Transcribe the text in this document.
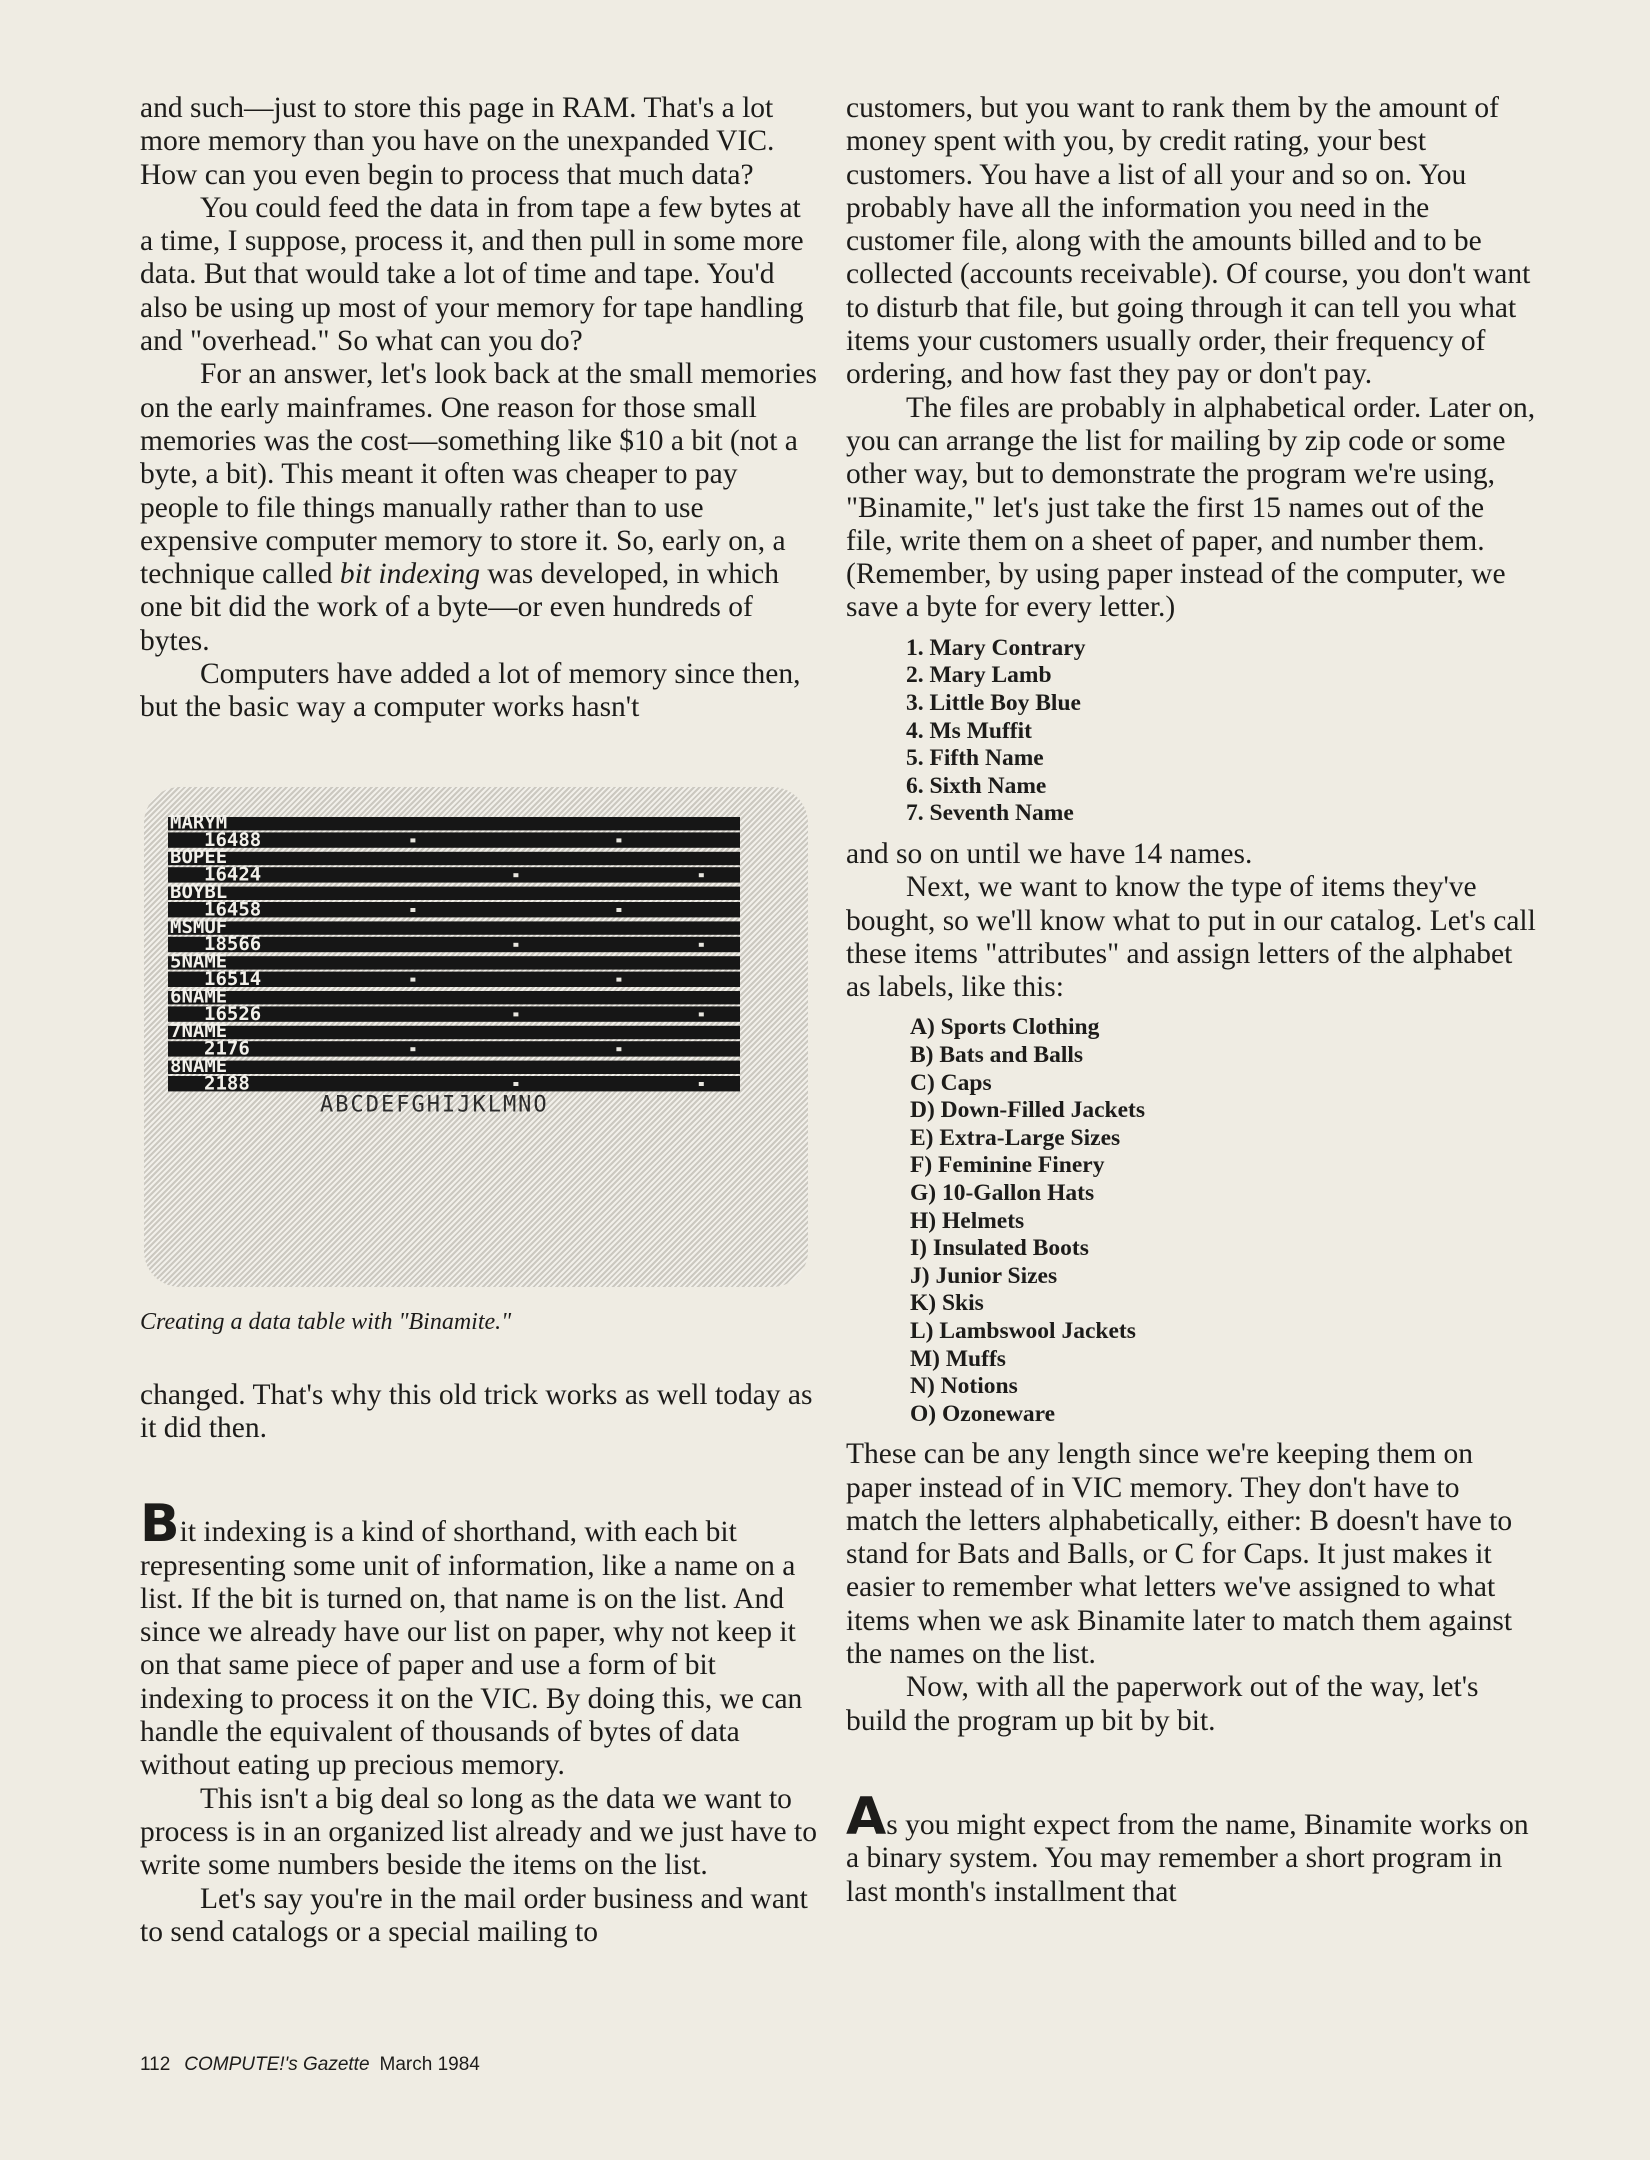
and such—just to store this page in RAM. That's a lot more memory than you have on the unexpanded VIC. How can you even begin to process that much data?

You could feed the data in from tape a few bytes at a time, I suppose, process it, and then pull in some more data. But that would take a lot of time and tape. You'd also be using up most of your memory for tape handling and "overhead." So what can you do?

For an answer, let's look back at the small memories on the early mainframes. One reason for those small memories was the cost—something like $10 a bit (not a byte, a bit). This meant it often was cheaper to pay people to file things manually rather than to use expensive computer memory to store it. So, early on, a technique called bit indexing was developed, in which one bit did the work of a byte—or even hundreds of bytes.

Computers have added a lot of memory since then, but the basic way a computer works hasn't

MARYM
16488
BOPEE
16424
BOYBL
16458
MSMUF
18566
5NAME
16514
6NAME
16526
7NAME
2176
8NAME
2188
ABCDEFGHIJKLMNO

Creating a data table with "Binamite."

changed. That's why this old trick works as well today as it did then.

Bit indexing is a kind of shorthand, with each bit representing some unit of information, like a name on a list. If the bit is turned on, that name is on the list. And since we already have our list on paper, why not keep it on that same piece of paper and use a form of bit indexing to process it on the VIC. By doing this, we can handle the equivalent of thousands of bytes of data without eating up precious memory.

This isn't a big deal so long as the data we want to process is in an organized list already and we just have to write some numbers beside the items on the list.

Let's say you're in the mail order business and want to send catalogs or a special mailing to

customers, but you want to rank them by the amount of money spent with you, by credit rating, your best customers. You have a list of all your and so on. You probably have all the information you need in the customer file, along with the amounts billed and to be collected (accounts receivable). Of course, you don't want to disturb that file, but going through it can tell you what items your customers usually order, their frequency of ordering, and how fast they pay or don't pay.

The files are probably in alphabetical order. Later on, you can arrange the list for mailing by zip code or some other way, but to demonstrate the program we're using, "Binamite," let's just take the first 15 names out of the file, write them on a sheet of paper, and number them. (Remember, by using paper instead of the computer, we save a byte for every letter.)

1. Mary Contrary
2. Mary Lamb
3. Little Boy Blue
4. Ms Muffit
5. Fifth Name
6. Sixth Name
7. Seventh Name

and so on until we have 14 names.

Next, we want to know the type of items they've bought, so we'll know what to put in our catalog. Let's call these items "attributes" and assign letters of the alphabet as labels, like this:

A) Sports Clothing
B) Bats and Balls
C) Caps
D) Down-Filled Jackets
E) Extra-Large Sizes
F) Feminine Finery
G) 10-Gallon Hats
H) Helmets
I) Insulated Boots
J) Junior Sizes
K) Skis
L) Lambswool Jackets
M) Muffs
N) Notions
O) Ozoneware

These can be any length since we're keeping them on paper instead of in VIC memory. They don't have to match the letters alphabetically, either: B doesn't have to stand for Bats and Balls, or C for Caps. It just makes it easier to remember what letters we've assigned to what items when we ask Binamite later to match them against the names on the list.

Now, with all the paperwork out of the way, let's build the program up bit by bit.

As you might expect from the name, Binamite works on a binary system. You may remember a short program in last month's installment that

112 COMPUTE!'s Gazette March 1984
